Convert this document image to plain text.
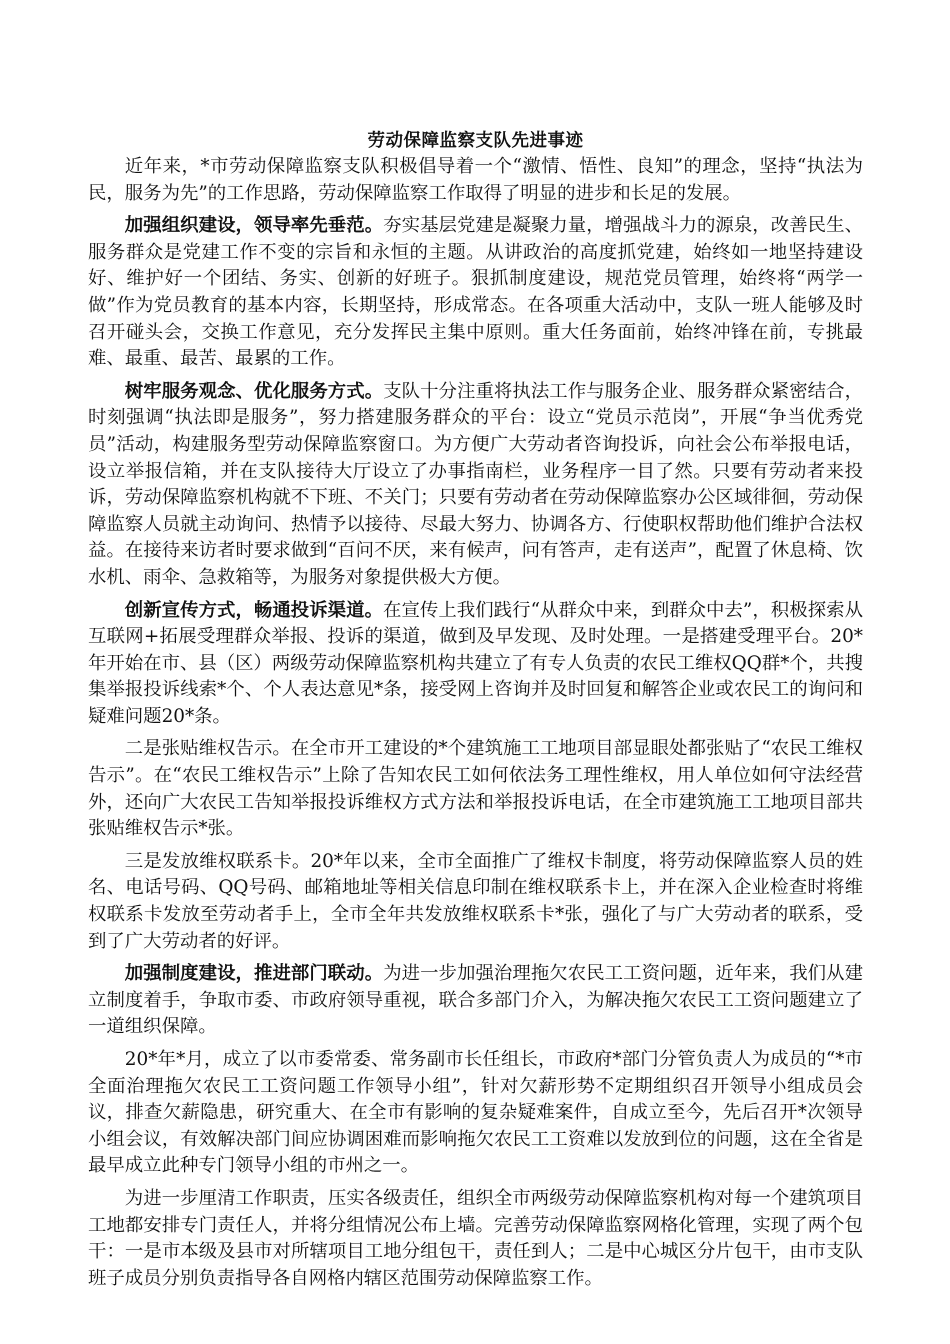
劳动保障监察支队先进事迹

近年来，*市劳动保障监察支队积极倡导着一个“激情、悟性、良知”的理念，坚持“执法为民，服务为先”的工作思路，劳动保障监察工作取得了明显的进步和长足的发展。

加强组织建设，领导率先垂范。夯实基层党建是凝聚力量，增强战斗力的源泉，改善民生、服务群众是党建工作不变的宗旨和永恒的主题。从讲政治的高度抓党建，始终如一地坚持建设好、维护好一个团结、务实、创新的好班子。狠抓制度建设，规范党员管理，始终将“两学一做”作为党员教育的基本内容，长期坚持，形成常态。在各项重大活动中，支队一班人能够及时召开碰头会，交换工作意见，充分发挥民主集中原则。重大任务面前，始终冲锋在前，专挑最难、最重、最苦、最累的工作。

树牢服务观念、优化服务方式。支队十分注重将执法工作与服务企业、服务群众紧密结合，时刻强调“执法即是服务”，努力搭建服务群众的平台：设立“党员示范岗”，开展“争当优秀党员”活动，构建服务型劳动保障监察窗口。为方便广大劳动者咨询投诉，向社会公布举报电话，设立举报信箱，并在支队接待大厅设立了办事指南栏，业务程序一目了然。只要有劳动者来投诉，劳动保障监察机构就不下班、不关门；只要有劳动者在劳动保障监察办公区域徘徊，劳动保障监察人员就主动询问、热情予以接待、尽最大努力、协调各方、行使职权帮助他们维护合法权益。在接待来访者时要求做到“百问不厌，来有候声，问有答声，走有送声”，配置了休息椅、饮水机、雨伞、急救箱等，为服务对象提供极大方便。

创新宣传方式，畅通投诉渠道。在宣传上我们践行“从群众中来，到群众中去”，积极探索从互联网+拓展受理群众举报、投诉的渠道，做到及早发现、及时处理。一是搭建受理平台。20*年开始在市、县（区）两级劳动保障监察机构共建立了有专人负责的农民工维权QQ群*个，共搜集举报投诉线索*个、个人表达意见*条，接受网上咨询并及时回复和解答企业或农民工的询问和疑难问题20*条。

二是张贴维权告示。在全市开工建设的*个建筑施工工地项目部显眼处都张贴了“农民工维权告示”。在“农民工维权告示”上除了告知农民工如何依法务工理性维权，用人单位如何守法经营外，还向广大农民工告知举报投诉维权方式方法和举报投诉电话，在全市建筑施工工地项目部共张贴维权告示*张。

三是发放维权联系卡。20*年以来，全市全面推广了维权卡制度，将劳动保障监察人员的姓名、电话号码、QQ号码、邮箱地址等相关信息印制在维权联系卡上，并在深入企业检查时将维权联系卡发放至劳动者手上，全市全年共发放维权联系卡*张，强化了与广大劳动者的联系，受到了广大劳动者的好评。

加强制度建设，推进部门联动。为进一步加强治理拖欠农民工工资问题，近年来，我们从建立制度着手，争取市委、市政府领导重视，联合多部门介入，为解决拖欠农民工工资问题建立了一道组织保障。

20*年*月，成立了以市委常委、常务副市长任组长，市政府*部门分管负责人为成员的“*市全面治理拖欠农民工工资问题工作领导小组”，针对欠薪形势不定期组织召开领导小组成员会议，排查欠薪隐患，研究重大、在全市有影响的复杂疑难案件，自成立至今，先后召开*次领导小组会议，有效解决部门间应协调困难而影响拖欠农民工工资难以发放到位的问题，这在全省是最早成立此种专门领导小组的市州之一。

为进一步厘清工作职责，压实各级责任，组织全市两级劳动保障监察机构对每一个建筑项目工地都安排专门责任人，并将分组情况公布上墙。完善劳动保障监察网格化管理，实现了两个包干：一是市本级及县市对所辖项目工地分组包干，责任到人；二是中心城区分片包干，由市支队班子成员分别负责指导各自网格内辖区范围劳动保障监察工作。
